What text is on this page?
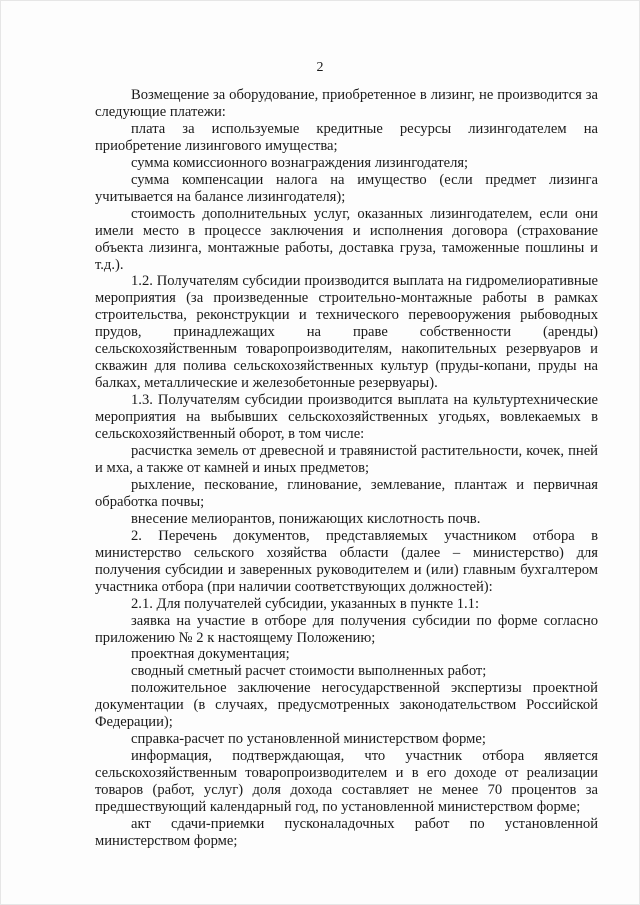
2

Возмещение за оборудование, приобретенное в лизинг, не производится за следующие платежи:

плата за используемые кредитные ресурсы лизингодателем на приобретение лизингового имущества;

сумма комиссионного вознаграждения лизингодателя;

сумма компенсации налога на имущество (если предмет лизинга учитывается на балансе лизингодателя);

стоимость дополнительных услуг, оказанных лизингодателем, если они имели место в процессе заключения и исполнения договора (страхование объекта лизинга, монтажные работы, доставка груза, таможенные пошлины и т.д.).

1.2. Получателям субсидии производится выплата на гидромелиоративные мероприятия (за произведенные строительно-монтажные работы в рамках строительства, реконструкции и технического перевооружения рыбоводных прудов, принадлежащих на праве собственности (аренды) сельскохозяйственным товаропроизводителям, накопительных резервуаров и скважин для полива сельскохозяйственных культур (пруды-копани, пруды на балках, металлические и железобетонные резервуары).

1.3. Получателям субсидии производится выплата на культуртехнические мероприятия на выбывших сельскохозяйственных угодьях, вовлекаемых в сельскохозяйственный оборот, в том числе:

расчистка земель от древесной и травянистой растительности, кочек, пней и мха, а также от камней и иных предметов;

рыхление, пескование, глинование, землевание, плантаж и первичная обработка почвы;

внесение мелиорантов, понижающих кислотность почв.

2. Перечень документов, представляемых участником отбора в министерство сельского хозяйства области (далее – министерство) для получения субсидии и заверенных руководителем и (или) главным бухгалтером участника отбора (при наличии соответствующих должностей):

2.1. Для получателей субсидии, указанных в пункте 1.1:

заявка на участие в отборе для получения субсидии по форме согласно приложению № 2 к настоящему Положению;

проектная документация;

сводный сметный расчет стоимости выполненных работ;

положительное заключение негосударственной экспертизы проектной документации (в случаях, предусмотренных законодательством Российской Федерации);

справка-расчет по установленной министерством форме;

информация, подтверждающая, что участник отбора является сельскохозяйственным товаропроизводителем и в его доходе от реализации товаров (работ, услуг) доля дохода составляет не менее 70 процентов за предшествующий календарный год, по установленной министерством форме;

акт сдачи-приемки пусконаладочных работ по установленной министерством форме;
